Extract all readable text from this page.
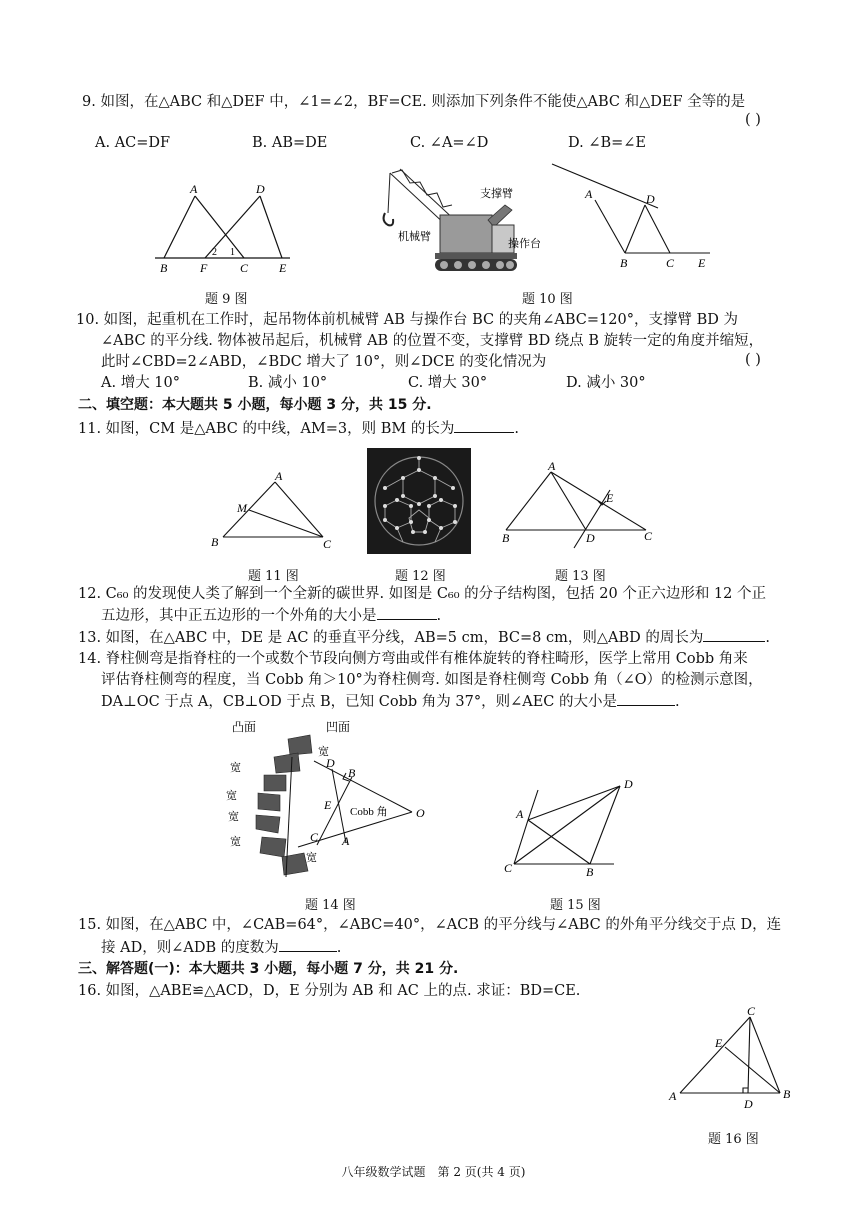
9. 如图，在△ABC 和△DEF 中，∠1=∠2，BF=CE. 则添加下列条件不能使△ABC 和△DEF 全等的是
( )
A. AC=DF	B. AB=DE	C. ∠A=∠D	D. ∠B=∠E
A	D
B	F	C	E
2 1
题 9 图
支撑臂
机械臂
操作台
题 10 图
A	D
B	C E
10. 如图，起重机在工作时，起吊物体前机械臂 AB 与操作台 BC 的夹角∠ABC=120°，支撑臂 BD 为
∠ABC 的平分线. 物体被吊起后，机械臂 AB 的位置不变，支撑臂 BD 绕点 B 旋转一定的角度并缩短，
此时∠CBD=2∠ABD，∠BDC 增大了 10°，则∠DCE 的变化情况为	( )
A. 增大 10°	B. 减小 10°	C. 增大 30°	D. 减小 30°
二、填空题：本大题共 5 小题，每小题 3 分，共 15 分.
11. 如图，CM 是△ABC 的中线，AM=3，则 BM 的长为	.
A
M
B	C
题 11 图	题 12 图
A
E
B	D	C
题 13 图
12. C₆₀ 的发现使人类了解到一个全新的碳世界. 如图是 C₆₀ 的分子结构图，包括 20 个正六边形和 12 个正
五边形，其中正五边形的一个外角的大小是	.
13. 如图，在△ABC 中，DE 是 AC 的垂直平分线，AB=5 cm，BC=8 cm，则△ABD 的周长为	.
14. 脊柱侧弯是指脊柱的一个或数个节段向侧方弯曲或伴有椎体旋转的脊柱畸形，医学上常用 Cobb 角来
评估脊柱侧弯的程度，当 Cobb 角＞10°为脊柱侧弯. 如图是脊柱侧弯 Cobb 角（∠O）的检测示意图，
DA⊥OC 于点 A，CB⊥OD 于点 B，已知 Cobb 角为 37°，则∠AEC 的大小是	.
凸面	凹面
宽
宽
宽
宽
宽
宽
Cobb 角
D
B
E
C A
O
题 14 图
D
A
C	B
题 15 图
15. 如图，在△ABC 中，∠CAB=64°，∠ABC=40°，∠ACB 的平分线与∠ABC 的外角平分线交于点 D，连
接 AD，则∠ADB 的度数为	.
三、解答题(一)：本大题共 3 小题，每小题 7 分，共 21 分.
16. 如图，△ABE≌△ACD，D，E 分别为 AB 和 AC 上的点. 求证：BD=CE.
C
E
A
D
B
题 16 图
八年级数学试题　第 2 页(共 4 页)
